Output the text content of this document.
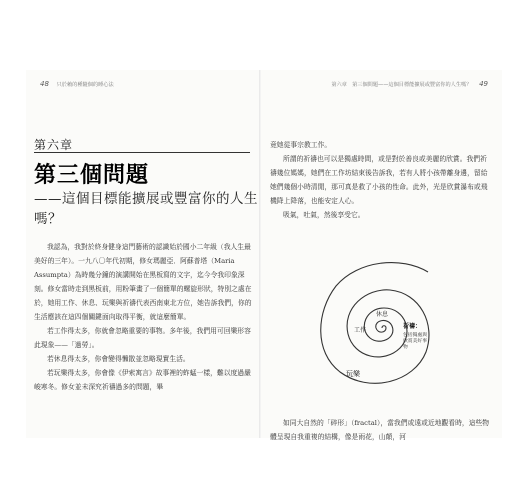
48 只於賴的種隨個的睡心法
第六章
第三個問題
——這個目標能擴展或豐富你的人生嗎？

我認為，我對於終身健身這門藝術的認識始於國小二年級（我人生最美好的三年）。一九八〇年代初期，修女瑪麗亞．阿蘇普塔（Maria Assumpta）為時幾分鐘的演講開始在黑板寫的文字，迄今令我印象深刻。修女當時走到黑板前，用粉筆畫了一個簡單的螺旋形狀，特別之處在於，她用工作、休息、玩樂與祈禱代表西南東北方位，她告訴我們，你的生活應該在這四個關鍵面向取得平衡，就這麼簡單。

若工作得太多，你就會忽略重要的事物。多年後，我們用可回樂形容此現象——「過勞」。

若休息得太多，你會變得懶散並忽略現實生活。

若玩樂得太多，你會像《伊索寓言》故事裡的蚱蜢一樣，難以度過嚴峻寒冬。修女並未深究祈禱過多的問題，畢

第六章　第三個問題——這個目標能擴展或豐富你的人生嗎？ 49

竟她從事宗教工作。

所謂的祈禱也可以是獨處時間，或是對於善良或美麗的欣賞。我們祈禱幾位媽媽，她們在工作坊結束後告訴我，若有人將小孩帶離身邊，留給她們幾個小時清閒，那可真是救了小孩的性命。此外，光是欣賞瀑布或飛機降上降落，也能安定人心。

吸氣，吐氣，然後享受它。

休息
工作
祈禱：
包括獨處與
欣賞美好事
物
玩樂

如同大自然的「碎形」（fractal），當我們或遠或近地觀看時，這些物體呈現自我重複的結構，像是雨花，山顛，河
